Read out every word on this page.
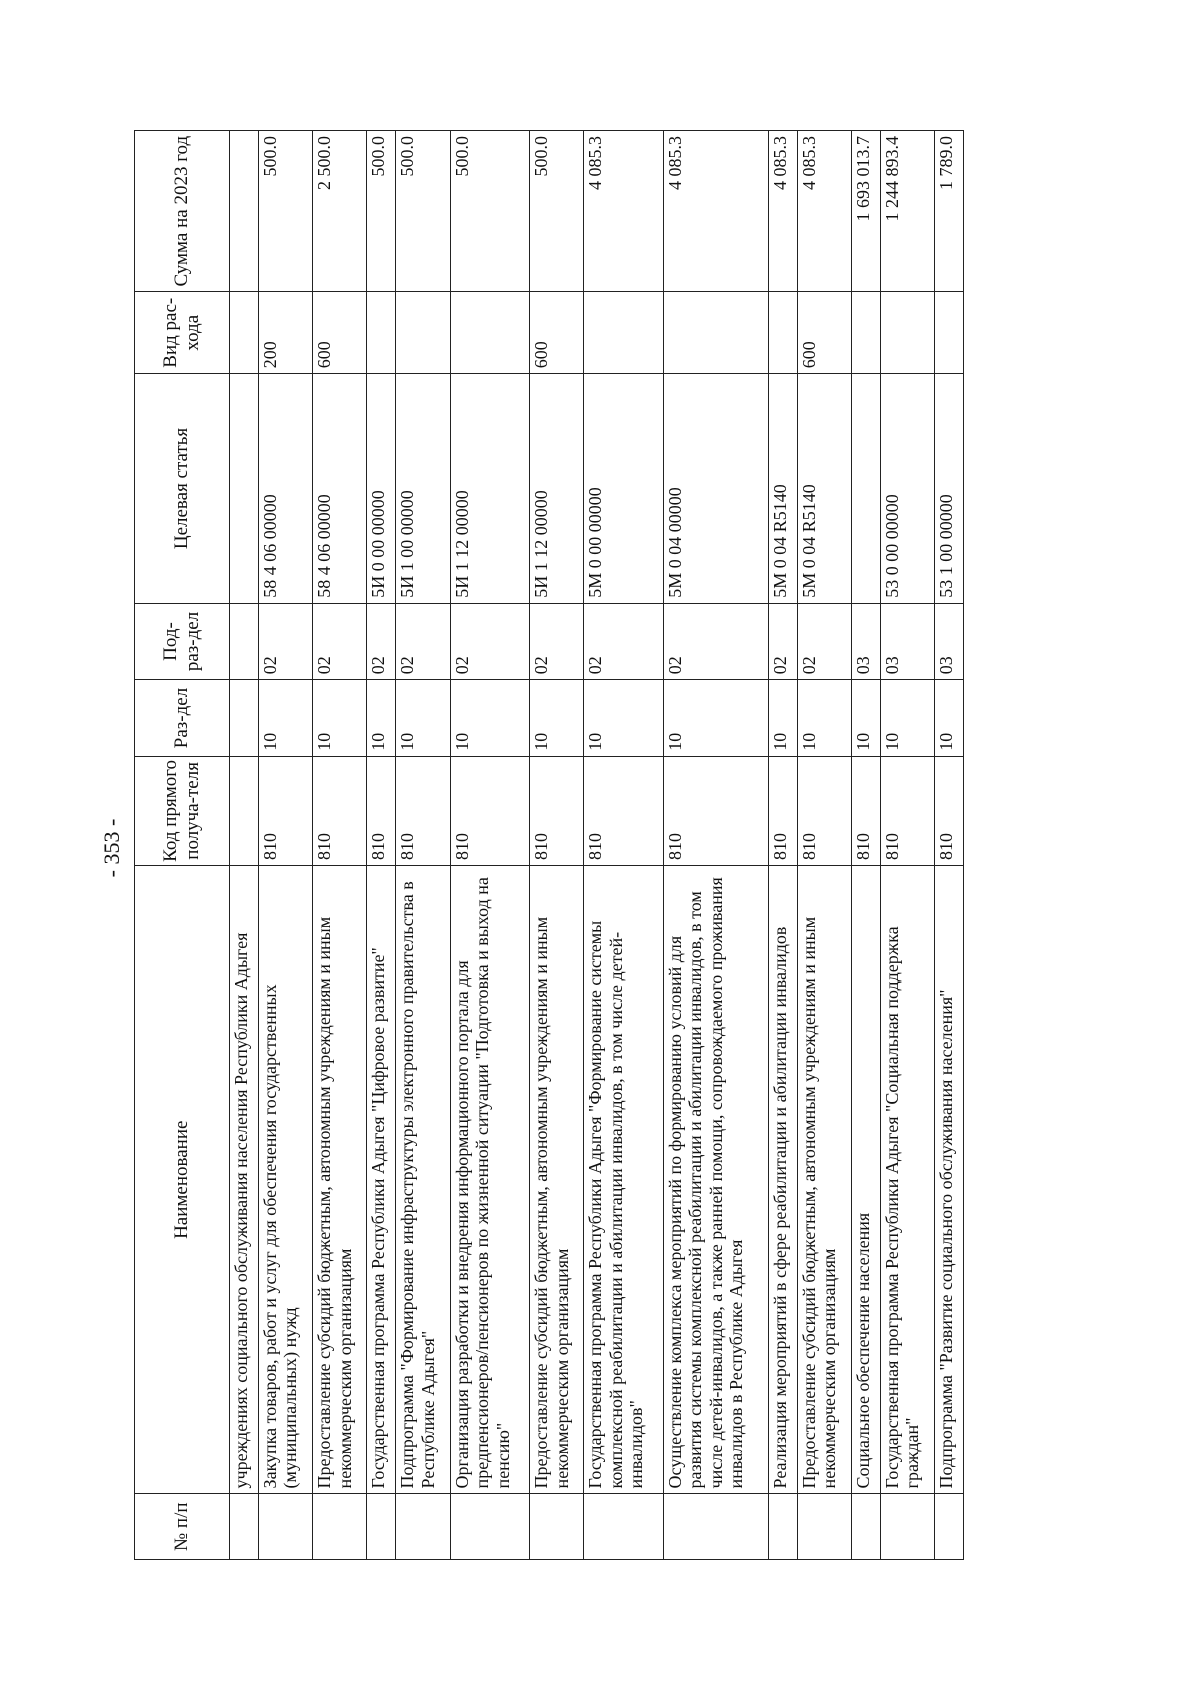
- 353 -
№ п/п	Наименование	Код прямого получа-теля	Раз-дел	Под-раз-дел	Целевая статья	Вид рас-хода	Сумма на 2023 год
	учреждениях социального обслуживания населения Республики Адыгея						
	Закупка товаров, работ и услуг для обеспечения государственных (муниципальных) нужд	810	10	02	58 4 06 00000	200	500.0
	Предоставление субсидий бюджетным, автономным учреждениям и иным некоммерческим организациям	810	10	02	58 4 06 00000	600	2 500.0
	Государственная программа Республики Адыгея "Цифровое развитие"	810	10	02	5И 0 00 00000		500.0
	Подпрограмма "Формирование инфраструктуры электронного правительства в Республике Адыгея"	810	10	02	5И 1 00 00000		500.0
	Организация разработки и внедрения информационного портала для предпенсионеров/пенсионеров по жизненной ситуации "Подготовка и выход на пенсию"	810	10	02	5И 1 12 00000		500.0
	Предоставление субсидий бюджетным, автономным учреждениям и иным некоммерческим организациям	810	10	02	5И 1 12 00000	600	500.0
	Государственная программа Республики Адыгея "Формирование системы комплексной реабилитации и абилитации инвалидов, в том числе детей-инвалидов"	810	10	02	5М 0 00 00000		4 085.3
	Осуществление комплекса мероприятий по формированию условий для развития системы комплексной реабилитации и абилитации инвалидов, в том числе детей-инвалидов, а также ранней помощи, сопровождаемого проживания инвалидов в Республике Адыгея	810	10	02	5М 0 04 00000		4 085.3
	Реализация мероприятий в сфере реабилитации и абилитации инвалидов	810	10	02	5М 0 04 R5140		4 085.3
	Предоставление субсидий бюджетным, автономным учреждениям и иным некоммерческим организациям	810	10	02	5М 0 04 R5140	600	4 085.3
	Социальное обеспечение населения	810	10	03			1 693 013.7
	Государственная программа Республики Адыгея "Социальная поддержка граждан"	810	10	03	53 0 00 00000		1 244 893.4
	Подпрограмма "Развитие социального обслуживания населения"	810	10	03	53 1 00 00000		1 789.0
